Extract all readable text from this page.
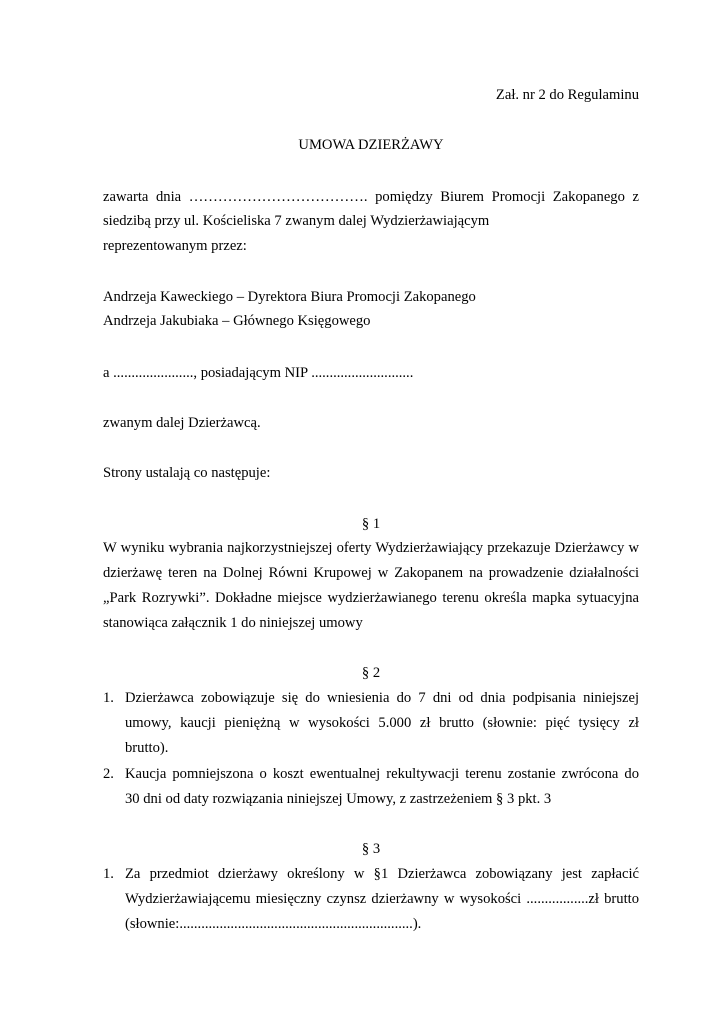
Zał. nr 2 do Regulaminu
UMOWA DZIERŻAWY
zawarta dnia ………………………………. pomiędzy Biurem Promocji Zakopanego z
siedzibą przy ul. Kościeliska 7 zwanym dalej Wydzierżawiającym
reprezentowanym przez:
Andrzeja Kaweckiego – Dyrektora Biura Promocji Zakopanego
Andrzeja Jakubiaka – Głównego Księgowego
a ......................, posiadającym NIP ............................
zwanym dalej Dzierżawcą.
Strony ustalają co następuje:
§ 1
W wyniku wybrania najkorzystniejszej oferty Wydzierżawiający przekazuje Dzierżawcy w
dzierżawę teren na Dolnej Równi Krupowej w Zakopanem na prowadzenie działalności
„Park Rozrywki”. Dokładne miejsce wydzierżawianego terenu określa mapka sytuacyjna
stanowiąca załącznik 1 do niniejszej umowy
§ 2
1. Dzierżawca zobowiązuje się do wniesienia do 7 dni od dnia podpisania niniejszej
umowy, kaucji pieniężną w wysokości 5.000 zł brutto (słownie: pięć tysięcy zł
brutto).
2. Kaucja pomniejszona o koszt ewentualnej rekultywacji terenu zostanie zwrócona do
30 dni od daty rozwiązania niniejszej Umowy, z zastrzeżeniem § 3 pkt. 3
§ 3
1. Za przedmiot dzierżawy określony w §1 Dzierżawca zobowiązany jest zapłacić
Wydzierżawiającemu miesięczny czynsz dzierżawny w wysokości .................zł brutto
(słownie:................................................................).
